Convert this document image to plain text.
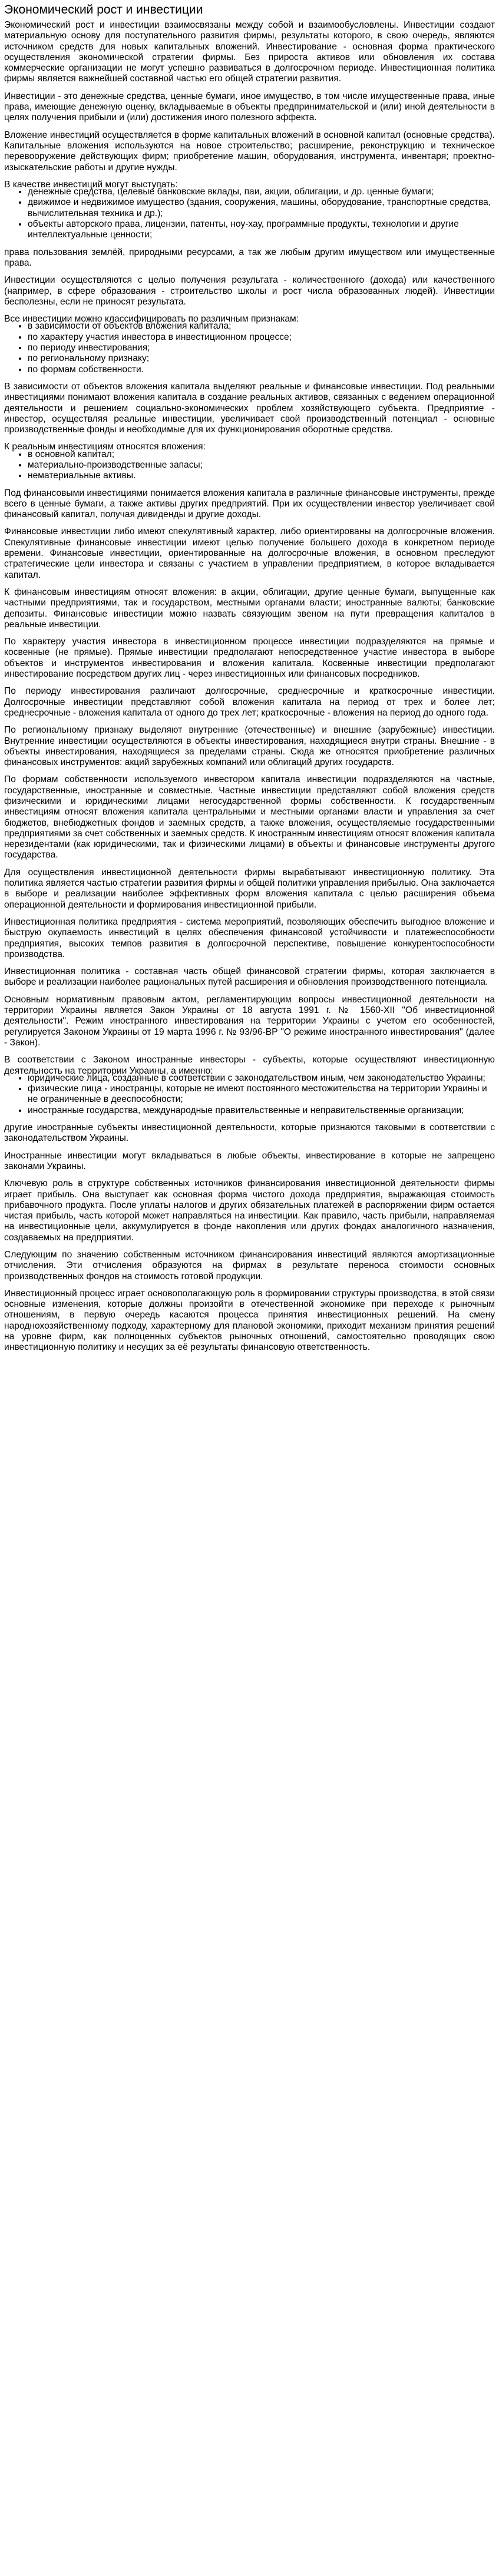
Экономический рост и инвестиции

Экономический рост и инвестиции взаимосвязаны между собой и взаимообусловлены. Инвестиции создают материальную основу для поступательного развития фирмы, результаты которого, в свою очередь, являются источником средств для новых капитальных вложений. Инвестирование - основная форма практического осуществления экономической стратегии фирмы. Без прироста активов или обновления их состава коммерческие организации не могут успешно развиваться в долгосрочном периоде. Инвестиционная политика фирмы является важнейшей составной частью его общей стратегии развития.

Инвестиции - это денежные средства, ценные бумаги, иное имущество, в том числе имущественные права, иные права, имеющие денежную оценку, вкладываемые в объекты предпринимательской и (или) иной деятельности в целях получения прибыли и (или) достижения иного полезного эффекта.

Вложение инвестиций осуществляется в форме капитальных вложений в основной капитал (основные средства). Капитальные вложения используются на новое строительство; расширение, реконструкцию и техническое перевооружение действующих фирм; приобретение машин, оборудования, инструмента, инвентаря; проектно-изыскательские работы и другие нужды.

В качестве инвестиций могут выступать:

• денежные средства, целевые банковские вклады, паи, акции, облигации, и др. ценные бумаги;
• движимое и недвижимое имущество (здания, сооружения, машины, оборудование, транспортные средства, вычислительная техника и др.);
• объекты авторского права, лицензии, патенты, ноу-хау, программные продукты, технологии и другие интеллектуальные ценности;

права пользования землёй, природными ресурсами, а так же любым другим имуществом или имущественные права.

Инвестиции осуществляются с целью получения результата - количественного (дохода) или качественного (например, в сфере образования - строительство школы и рост числа образованных людей). Инвестиции бесполезны, если не приносят результата.

Все инвестиции можно классифицировать по различным признакам:

• в зависимости от объектов вложения капитала;
• по характеру участия инвестора в инвестиционном процессе;
• по периоду инвестирования;
• по региональному признаку;
• по формам собственности.

В зависимости от объектов вложения капитала выделяют реальные и финансовые инвестиции. Под реальными инвестициями понимают вложения капитала в создание реальных активов, связанных с ведением операционной деятельности и решением социально-экономических проблем хозяйствующего субъекта. Предприятие - инвестор, осуществляя реальные инвестиции, увеличивает свой производственный потенциал - основные производственные фонды и необходимые для их функционирования оборотные средства.

К реальным инвестициям относятся вложения:

• в основной капитал;
• материально-производственные запасы;
• нематериальные активы.

Под финансовыми инвестициями понимается вложения капитала в различные финансовые инструменты, прежде всего в ценные бумаги, а также активы других предприятий. При их осуществлении инвестор увеличивает свой финансовый капитал, получая дивиденды и другие доходы.

Финансовые инвестиции либо имеют спекулятивный характер, либо ориентированы на долгосрочные вложения. Спекулятивные финансовые инвестиции имеют целью получение большего дохода в конкретном периоде времени. Финансовые инвестиции, ориентированные на долгосрочные вложения, в основном преследуют стратегические цели инвестора и связаны с участием в управлении предприятием, в которое вкладывается капитал.

К финансовым инвестициям относят вложения: в акции, облигации, другие ценные бумаги, выпущенные как частными предприятиями, так и государством, местными органами власти; иностранные валюты; банковские депозиты. Финансовые инвестиции можно назвать связующим звеном на пути превращения капиталов в реальные инвестиции.

По характеру участия инвестора в инвестиционном процессе инвестиции подразделяются на прямые и косвенные (не прямые). Прямые инвестиции предполагают непосредственное участие инвестора в выборе объектов и инструментов инвестирования и вложения капитала. Косвенные инвестиции предполагают инвестирование посредством других лиц - через инвестиционных или финансовых посредников.

По периоду инвестирования различают долгосрочные, среднесрочные и краткосрочные инвестиции. Долгосрочные инвестиции представляют собой вложения капитала на период от трех и более лет; среднесрочные - вложения капитала от одного до трех лет; краткосрочные - вложения на период до одного года.

По региональному признаку выделяют внутренние (отечественные) и внешние (зарубежные) инвестиции. Внутренние инвестиции осуществляются в объекты инвестирования, находящиеся внутри страны. Внешние - в объекты инвестирования, находящиеся за пределами страны. Сюда же относятся приобретение различных финансовых инструментов: акций зарубежных компаний или облигаций других государств.

По формам собственности используемого инвестором капитала инвестиции подразделяются на частные, государственные, иностранные и совместные. Частные инвестиции представляют собой вложения средств физическими и юридическими лицами негосударственной формы собственности. К государственным инвестициям относят вложения капитала центральными и местными органами власти и управления за счет бюджетов, внебюджетных фондов и заемных средств, а также вложения, осуществляемые государственными предприятиями за счет собственных и заемных средств. К иностранным инвестициям относят вложения капитала нерезидентами (как юридическими, так и физическими лицами) в объекты и финансовые инструменты другого государства.

Для осуществления инвестиционной деятельности фирмы вырабатывают инвестиционную политику. Эта политика является частью стратегии развития фирмы и общей политики управления прибылью. Она заключается в выборе и реализации наиболее эффективных форм вложения капитала с целью расширения объема операционной деятельности и формирования инвестиционной прибыли.

Инвестиционная политика предприятия - система мероприятий, позволяющих обеспечить выгодное вложение и быструю окупаемость инвестиций в целях обеспечения финансовой устойчивости и платежеспособности предприятия, высоких темпов развития в долгосрочной перспективе, повышение конкурентоспособности производства.

Инвестиционная политика - составная часть общей финансовой стратегии фирмы, которая заключается в выборе и реализации наиболее рациональных путей расширения и обновления производственного потенциала.

Основным нормативным правовым актом, регламентирующим вопросы инвестиционной деятельности на территории Украины является Закон Украины от 18 августа 1991 г. № 1560-XII "Об инвестиционной деятельности". Режим иностранного инвестирования на территории Украины с учетом его особенностей, регулируется Законом Украины от 19 марта 1996 г. № 93/96-ВР "О режиме иностранного инвестирования" (далее - Закон).

В соответствии с Законом иностранные инвесторы - субъекты, которые осуществляют инвестиционную деятельность на территории Украины, а именно:

• юридические лица, созданные в соответствии с законодательством иным, чем законодательство Украины;
• физические лица - иностранцы, которые не имеют постоянного местожительства на территории Украины и не ограниченные в дееспособности;
• иностранные государства, международные правительственные и неправительственные организации;

другие иностранные субъекты инвестиционной деятельности, которые признаются таковыми в соответствии с законодательством Украины.

Иностранные инвестиции могут вкладываться в любые объекты, инвестирование в которые не запрещено законами Украины.

Ключевую роль в структуре собственных источников финансирования инвестиционной деятельности фирмы играет прибыль. Она выступает как основная форма чистого дохода предприятия, выражающая стоимость прибавочного продукта. После уплаты налогов и других обязательных платежей в распоряжении фирм остается чистая прибыль, часть которой может направляться на инвестиции. Как правило, часть прибыли, направляемая на инвестиционные цели, аккумулируется в фонде накопления или других фондах аналогичного назначения, создаваемых на предприятии.

Следующим по значению собственным источником финансирования инвестиций являются амортизационные отчисления. Эти отчисления образуются на фирмах в результате переноса стоимости основных производственных фондов на стоимость готовой продукции.

Инвестиционный процесс играет основополагающую роль в формировании структуры производства, в этой связи основные изменения, которые должны произойти в отечественной экономике при переходе к рыночным отношениям, в первую очередь касаются процесса принятия инвестиционных решений. На смену народнохозяйственному подходу, характерному для плановой экономики, приходит механизм принятия решений на уровне фирм, как полноценных субъектов рыночных отношений, самостоятельно проводящих свою инвестиционную политику и несущих за её результаты финансовую ответственность.
